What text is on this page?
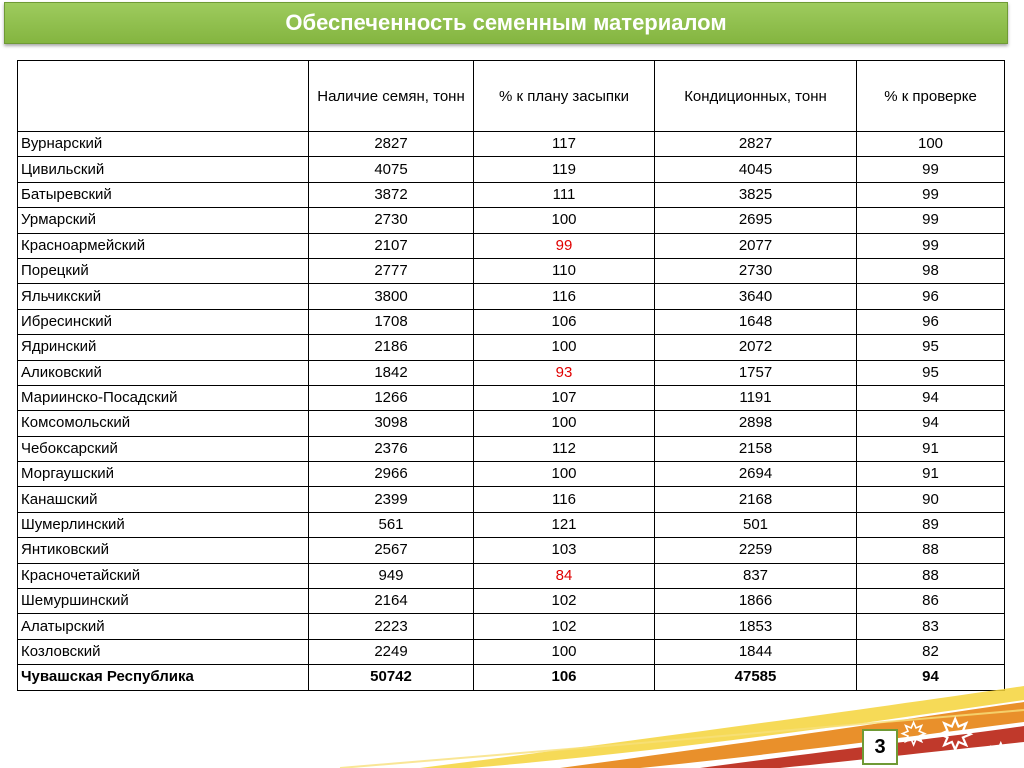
Обеспеченность семенным материалом
	Наличие семян, тонн	% к плану засыпки	Кондиционных, тонн	% к проверке
Вурнарский	2827	117	2827	100
Цивильский	4075	119	4045	99
Батыревский	3872	111	3825	99
Урмарский	2730	100	2695	99
Красноармейский	2107	99	2077	99
Порецкий	2777	110	2730	98
Яльчикский	3800	116	3640	96
Ибресинский	1708	106	1648	96
Ядринский	2186	100	2072	95
Аликовский	1842	93	1757	95
Мариинско-Посадский	1266	107	1191	94
Комсомольский	3098	100	2898	94
Чебоксарский	2376	112	2158	91
Моргаушский	2966	100	2694	91
Канашский	2399	116	2168	90
Шумерлинский	561	121	501	89
Янтиковский	2567	103	2259	88
Красночетайский	949	84	837	88
Шемуршинский	2164	102	1866	86
Алатырский	2223	102	1853	83
Козловский	2249	100	1844	82
Чувашская Республика	50742	106	47585	94
3
